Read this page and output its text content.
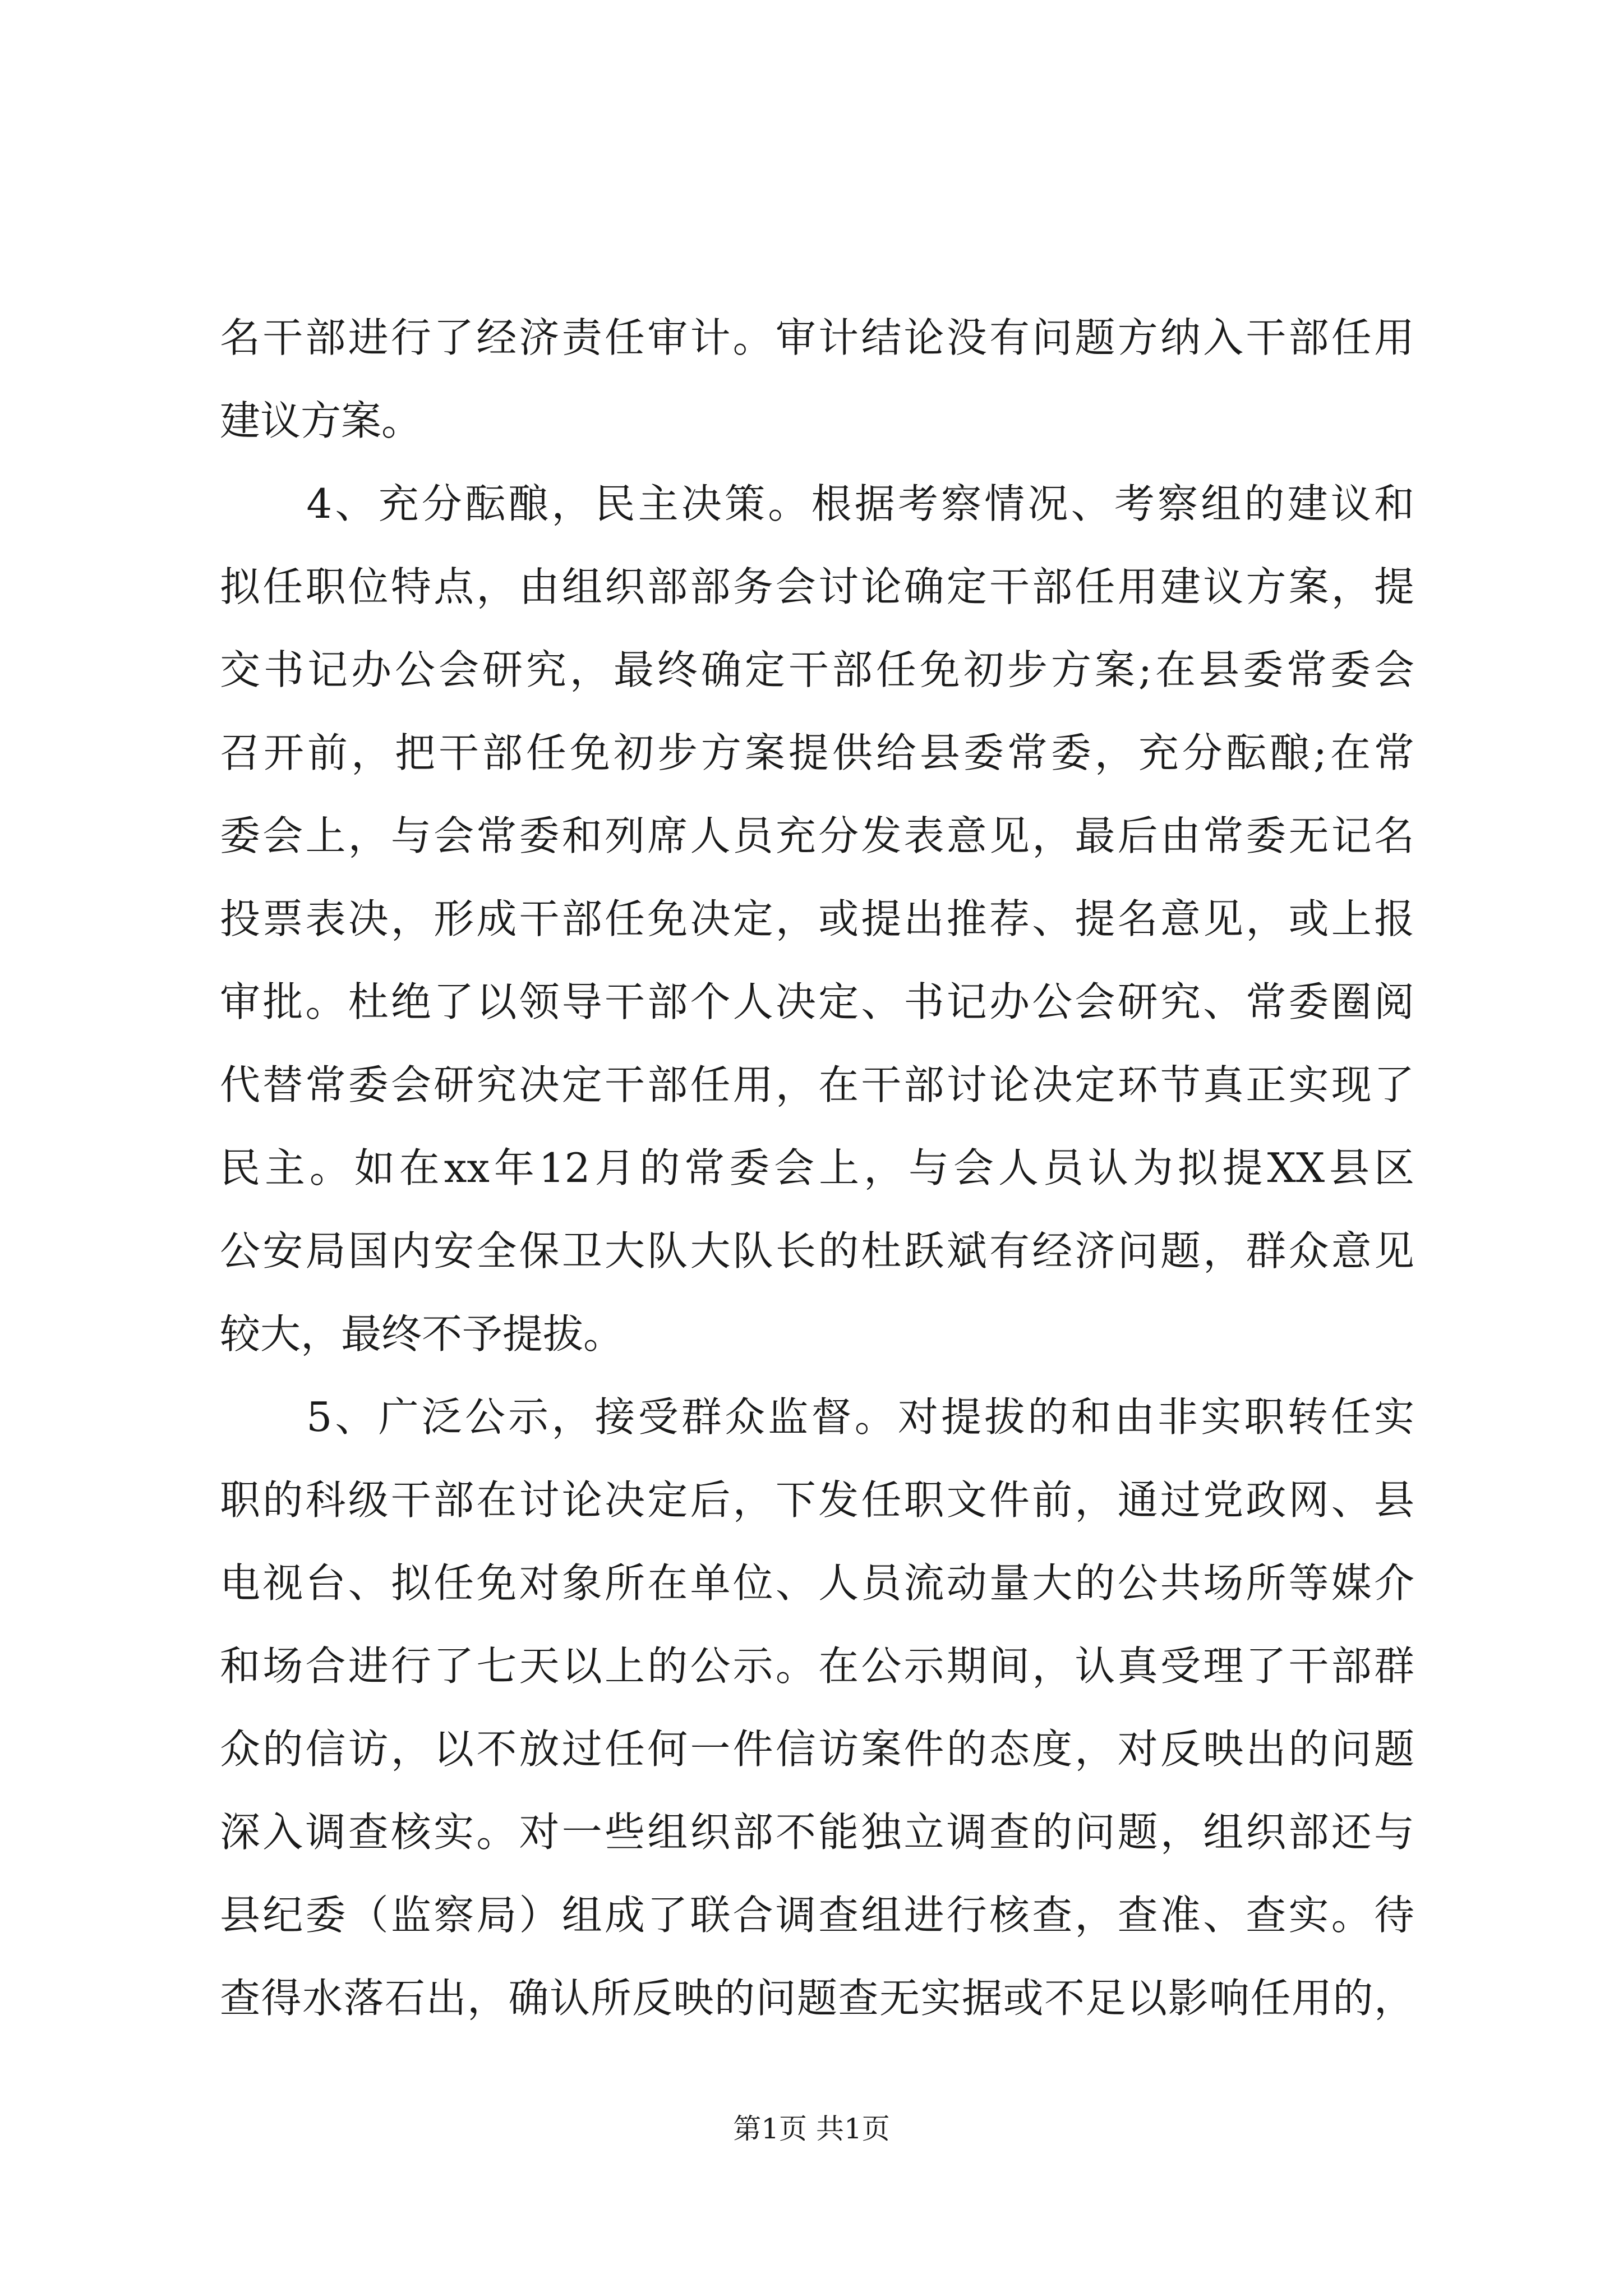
名干部进行了经济责任审计。审计结论没有问题方纳入干部任用
建议方案。
　　4、充分酝酿，民主决策。根据考察情况、考察组的建议和
拟任职位特点，由组织部部务会讨论确定干部任用建议方案，提
交书记办公会研究，最终确定干部任免初步方案;在县委常委会
召开前，把干部任免初步方案提供给县委常委，充分酝酿;在常
委会上，与会常委和列席人员充分发表意见，最后由常委无记名
投票表决，形成干部任免决定，或提出推荐、提名意见，或上报
审批。杜绝了以领导干部个人决定、书记办公会研究、常委圈阅
代替常委会研究决定干部任用，在干部讨论决定环节真正实现了
民主。如在xx年12月的常委会上，与会人员认为拟提XX县区
公安局国内安全保卫大队大队长的杜跃斌有经济问题，群众意见
较大，最终不予提拔。
　　5、广泛公示，接受群众监督。对提拔的和由非实职转任实
职的科级干部在讨论决定后，下发任职文件前，通过党政网、县
电视台、拟任免对象所在单位、人员流动量大的公共场所等媒介
和场合进行了七天以上的公示。在公示期间，认真受理了干部群
众的信访，以不放过任何一件信访案件的态度，对反映出的问题
深入调查核实。对一些组织部不能独立调查的问题，组织部还与
县纪委（监察局）组成了联合调查组进行核查，查准、查实。待
查得水落石出，确认所反映的问题查无实据或不足以影响任用的，
第1页 共1页
